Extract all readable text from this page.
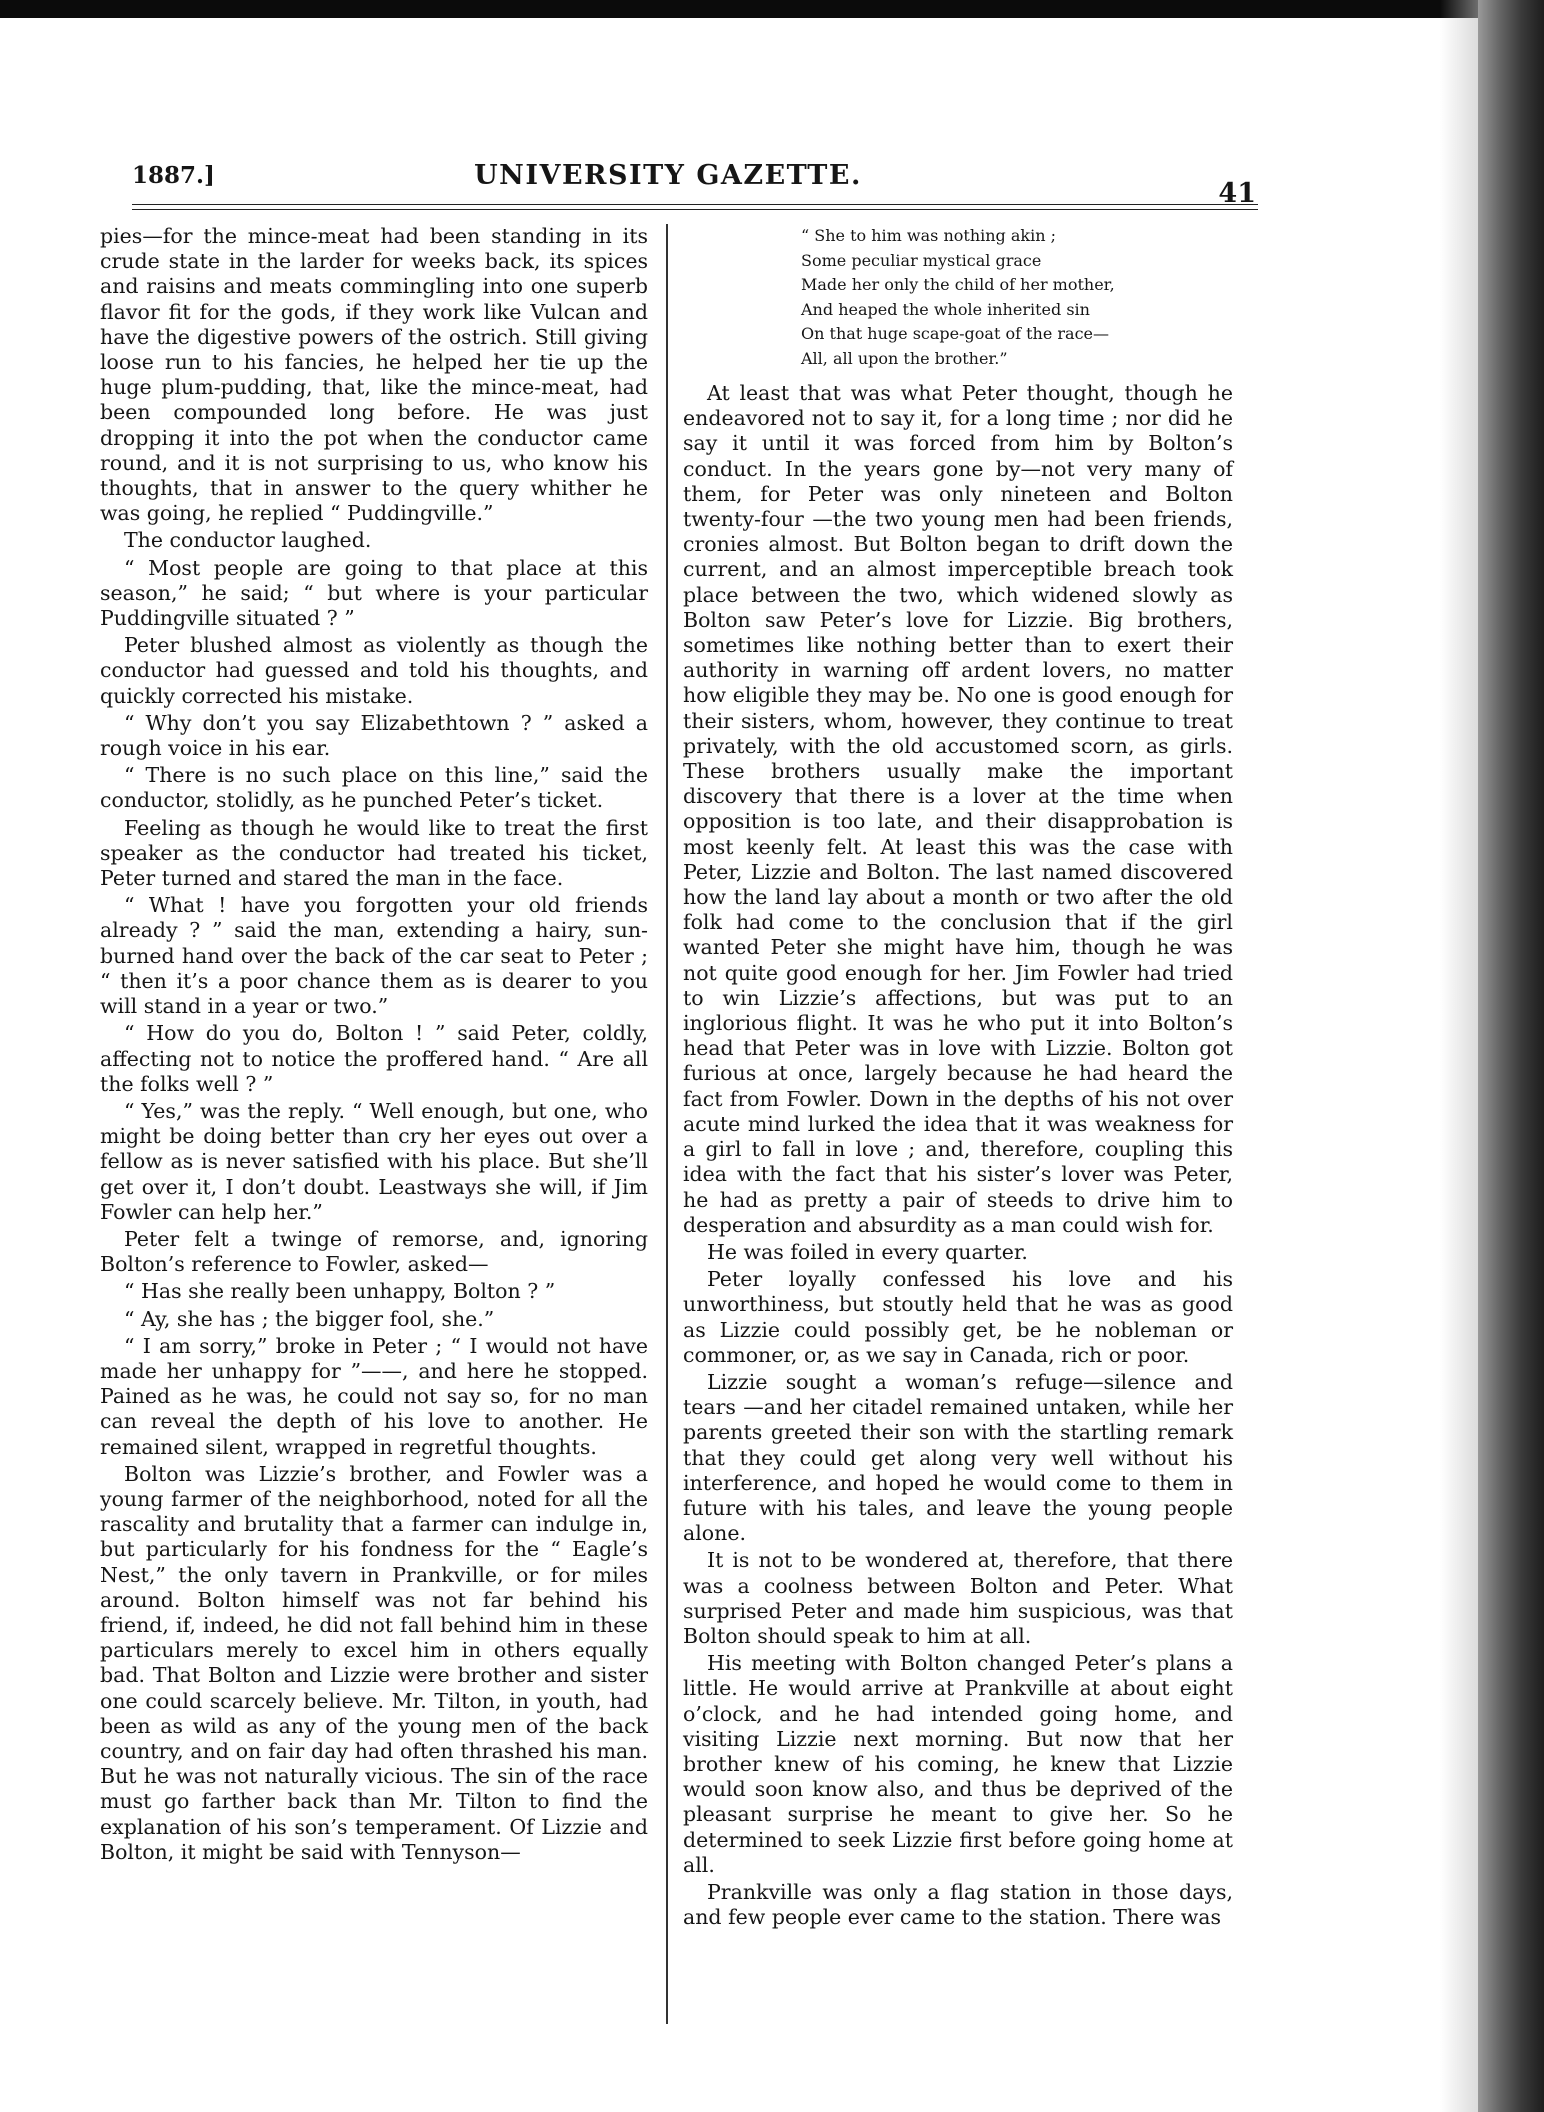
1887.]	UNIVERSITY GAZETTE.
41

pies—for the mince-meat had been standing in its crude state in the larder for weeks back, its spices and raisins and meats commingling into one superb flavor fit for the gods, if they work like Vulcan and have the digestive powers of the ostrich. Still giving loose run to his fancies, he helped her tie up the huge plum-pudding, that, like the mince-meat, had been compounded long before. He was just dropping it into the pot when the conductor came round, and it is not surprising to us, who know his thoughts, that in answer to the query whither he was going, he replied “ Puddingville.”

The conductor laughed.

“ Most people are going to that place at this season,” he said; “ but where is your particular Puddingville situated ? ”

Peter blushed almost as violently as though the conductor had guessed and told his thoughts, and quickly corrected his mistake.

“ Why don’t you say Elizabethtown ? ” asked a rough voice in his ear.

“ There is no such place on this line,” said the conductor, stolidly, as he punched Peter’s ticket.

Feeling as though he would like to treat the first speaker as the conductor had treated his ticket, Peter turned and stared the man in the face.

“ What ! have you forgotten your old friends already ? ” said the man, extending a hairy, sun-burned hand over the back of the car seat to Peter ; “ then it’s a poor chance them as is dearer to you will stand in a year or two.”

“ How do you do, Bolton ! ” said Peter, coldly, affecting not to notice the proffered hand. “ Are all the folks well ? ”

“ Yes,” was the reply. “ Well enough, but one, who might be doing better than cry her eyes out over a fellow as is never satisfied with his place. But she’ll get over it, I don’t doubt. Leastways she will, if Jim Fowler can help her.”

Peter felt a twinge of remorse, and, ignoring Bolton’s reference to Fowler, asked—

“ Has she really been unhappy, Bolton ? ”

“ Ay, she has ; the bigger fool, she.”

“ I am sorry,” broke in Peter ; “ I would not have made her unhappy for ”——, and here he stopped. Pained as he was, he could not say so, for no man can reveal the depth of his love to another. He remained silent, wrapped in regretful thoughts.

Bolton was Lizzie’s brother, and Fowler was a young farmer of the neighborhood, noted for all the rascality and brutality that a farmer can indulge in, but particularly for his fondness for the “ Eagle’s Nest,” the only tavern in Prankville, or for miles around. Bolton himself was not far behind his friend, if, indeed, he did not fall behind him in these particulars merely to excel him in others equally bad. That Bolton and Lizzie were brother and sister one could scarcely believe. Mr. Tilton, in youth, had been as wild as any of the young men of the back country, and on fair day had often thrashed his man. But he was not naturally vicious. The sin of the race must go farther back than Mr. Tilton to find the explanation of his son’s temperament. Of Lizzie and Bolton, it might be said with Tennyson—

“ She to him was nothing akin ;
Some peculiar mystical grace
Made her only the child of her mother,
And heaped the whole inherited sin
On that huge scape-goat of the race—
All, all upon the brother.”

At least that was what Peter thought, though he endeavored not to say it, for a long time ; nor did he say it until it was forced from him by Bolton’s conduct. In the years gone by—not very many of them, for Peter was only nineteen and Bolton twenty-four —the two young men had been friends, cronies almost. But Bolton began to drift down the current, and an almost imperceptible breach took place between the two, which widened slowly as Bolton saw Peter’s love for Lizzie. Big brothers, sometimes like nothing better than to exert their authority in warning off ardent lovers, no matter how eligible they may be. No one is good enough for their sisters, whom, however, they continue to treat privately, with the old accustomed scorn, as girls. These brothers usually make the important discovery that there is a lover at the time when opposition is too late, and their disapprobation is most keenly felt. At least this was the case with Peter, Lizzie and Bolton. The last named discovered how the land lay about a month or two after the old folk had come to the conclusion that if the girl wanted Peter she might have him, though he was not quite good enough for her. Jim Fowler had tried to win Lizzie’s affections, but was put to an inglorious flight. It was he who put it into Bolton’s head that Peter was in love with Lizzie. Bolton got furious at once, largely because he had heard the fact from Fowler. Down in the depths of his not over acute mind lurked the idea that it was weakness for a girl to fall in love ; and, therefore, coupling this idea with the fact that his sister’s lover was Peter, he had as pretty a pair of steeds to drive him to desperation and absurdity as a man could wish for.

He was foiled in every quarter.

Peter loyally confessed his love and his unworthiness, but stoutly held that he was as good as Lizzie could possibly get, be he nobleman or commoner, or, as we say in Canada, rich or poor.

Lizzie sought a woman’s refuge—silence and tears —and her citadel remained untaken, while her parents greeted their son with the startling remark that they could get along very well without his interference, and hoped he would come to them in future with his tales, and leave the young people alone.

It is not to be wondered at, therefore, that there was a coolness between Bolton and Peter. What surprised Peter and made him suspicious, was that Bolton should speak to him at all.

His meeting with Bolton changed Peter’s plans a little. He would arrive at Prankville at about eight o’clock, and he had intended going home, and visiting Lizzie next morning. But now that her brother knew of his coming, he knew that Lizzie would soon know also, and thus be deprived of the pleasant surprise he meant to give her. So he determined to seek Lizzie first before going home at all.

Prankville was only a flag station in those days, and few people ever came to the station. There was
